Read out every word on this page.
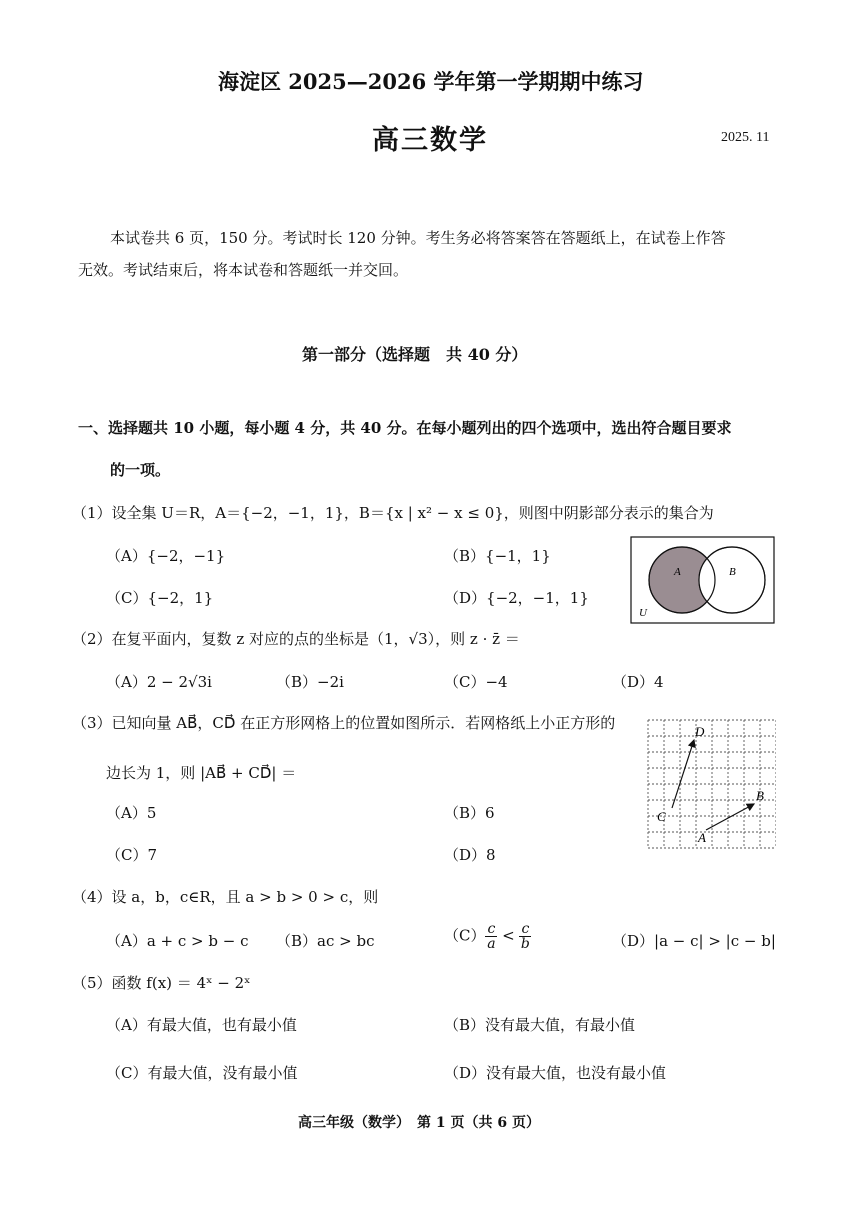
海淀区 2025—2026 学年第一学期期中练习
高三数学	2025. 11
本试卷共 6 页，150 分。考试时长 120 分钟。考生务必将答案答在答题纸上，在试卷上作答
无效。考试结束后，将本试卷和答题纸一并交回。
第一部分（选择题　共 40 分）
一、选择题共 10 小题，每小题 4 分，共 40 分。在每小题列出的四个选项中，选出符合题目要求
的一项。
（1）设全集 U＝R，A＝{−2，−1，1}，B＝{x | x² − x ≤ 0}，则图中阴影部分表示的集合为
（A）{−2，−1}	（B）{−1，1}
（C）{−2，1}	（D）{−2，−1，1}
A	B
U
（2）在复平面内，复数 z 对应的点的坐标是（1，√3），则 z · z̄ ＝
（A）2 − 2√3i	（B）−2i	（C）−4	（D）4
（3）已知向量 AB⃗，CD⃗ 在正方形网格上的位置如图所示．若网格纸上小正方形的
边长为 1，则 |AB⃗ + CD⃗| ＝
（A）5	（B）6
（C）7	（D）8
D
B
C
A
（4）设 a，b，c∈R，且 a > b > 0 > c，则
（A）a + c > b − c （B）ac > bc	$(C) \frac{c}{a} < \frac{c}{b}$	（D）|a − c| > |c − b|
（5）函数 f(x) ＝ 4ˣ − 2ˣ
（A）有最大值，也有最小值	（B）没有最大值，有最小值
（C）有最大值，没有最小值	（D）没有最大值，也没有最小值
高三年级（数学）　第 1 页（共 6 页）
